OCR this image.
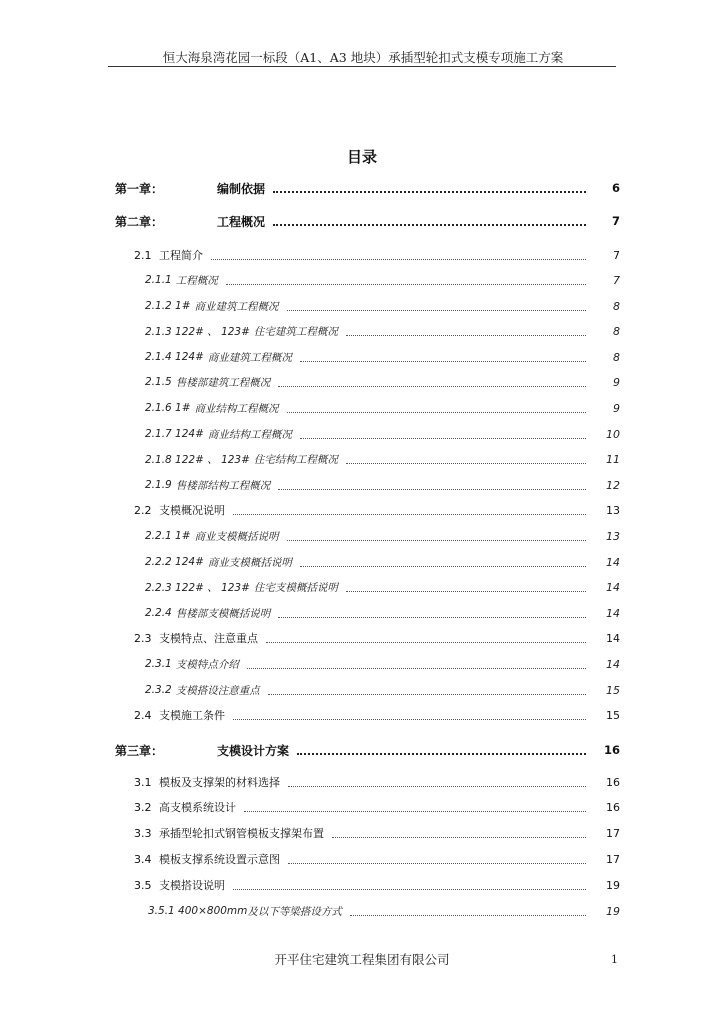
恒大海泉湾花园一标段（A1、A3 地块）承插型轮扣式支模专项施工方案
目录
第一章：	编制依据	6
第二章：	工程概况	7
2.1 工程简介	7
2.1.1 工程概况	7
2.1.2 1# 商业建筑工程概况	8
2.1.3 122# 、 123# 住宅建筑工程概况	8
2.1.4 124# 商业建筑工程概况	8
2.1.5 售楼部建筑工程概况	9
2.1.6 1# 商业结构工程概况	9
2.1.7 124# 商业结构工程概况	10
2.1.8 122# 、 123# 住宅结构工程概况	11
2.1.9 售楼部结构工程概况	12
2.2 支模概况说明	13
2.2.1 1# 商业支模概括说明	13
2.2.2 124# 商业支模概括说明	14
2.2.3 122# 、 123# 住宅支模概括说明	14
2.2.4 售楼部支模概括说明	14
2.3 支模特点、注意重点	14
2.3.1 支模特点介绍	14
2.3.2 支模搭设注意重点	15
2.4 支模施工条件	15
第三章：	支模设计方案	16
3.1 模板及支撑架的材料选择	16
3.2 高支模系统设计	16
3.3 承插型轮扣式钢管模板支撑架布置	17
3.4 模板支撑系统设置示意图	17
3.5 支模搭设说明	19
3.5.1 400×800mm 及以下等梁搭设方式	19
开平住宅建筑工程集团有限公司	1
